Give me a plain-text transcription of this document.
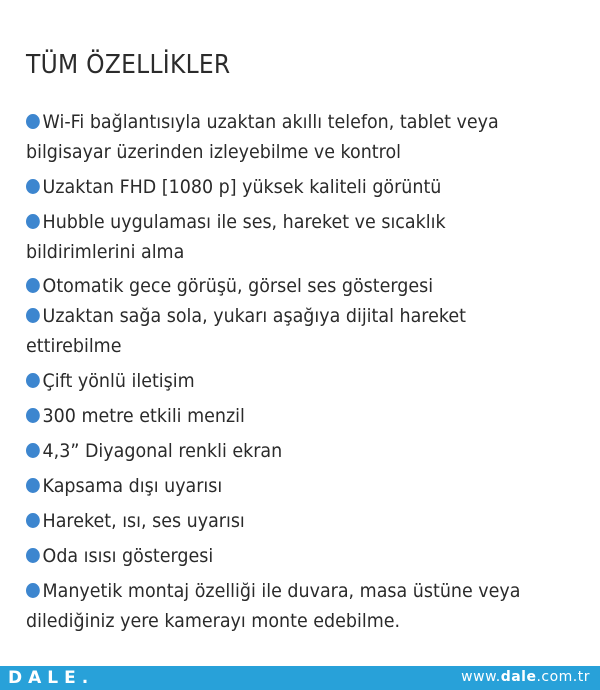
TÜM ÖZELLİKLER
Wi-Fi bağlantısıyla uzaktan akıllı telefon, tablet veya
bilgisayar üzerinden izleyebilme ve kontrol
Uzaktan FHD [1080 p] yüksek kaliteli görüntü
Hubble uygulaması ile ses, hareket ve sıcaklık
bildirimlerini alma
Otomatik gece görüşü, görsel ses göstergesi
Uzaktan sağa sola, yukarı aşağıya dijital hareket
ettirebilme
Çift yönlü iletişim
300 metre etkili menzil
4,3” Diyagonal renkli ekran
Kapsama dışı uyarısı
Hareket, ısı, ses uyarısı
Oda ısısı göstergesi
Manyetik montaj özelliği ile duvara, masa üstüne veya
dilediğiniz yere kamerayı monte edebilme.
DALE.	www.dale.com.tr
